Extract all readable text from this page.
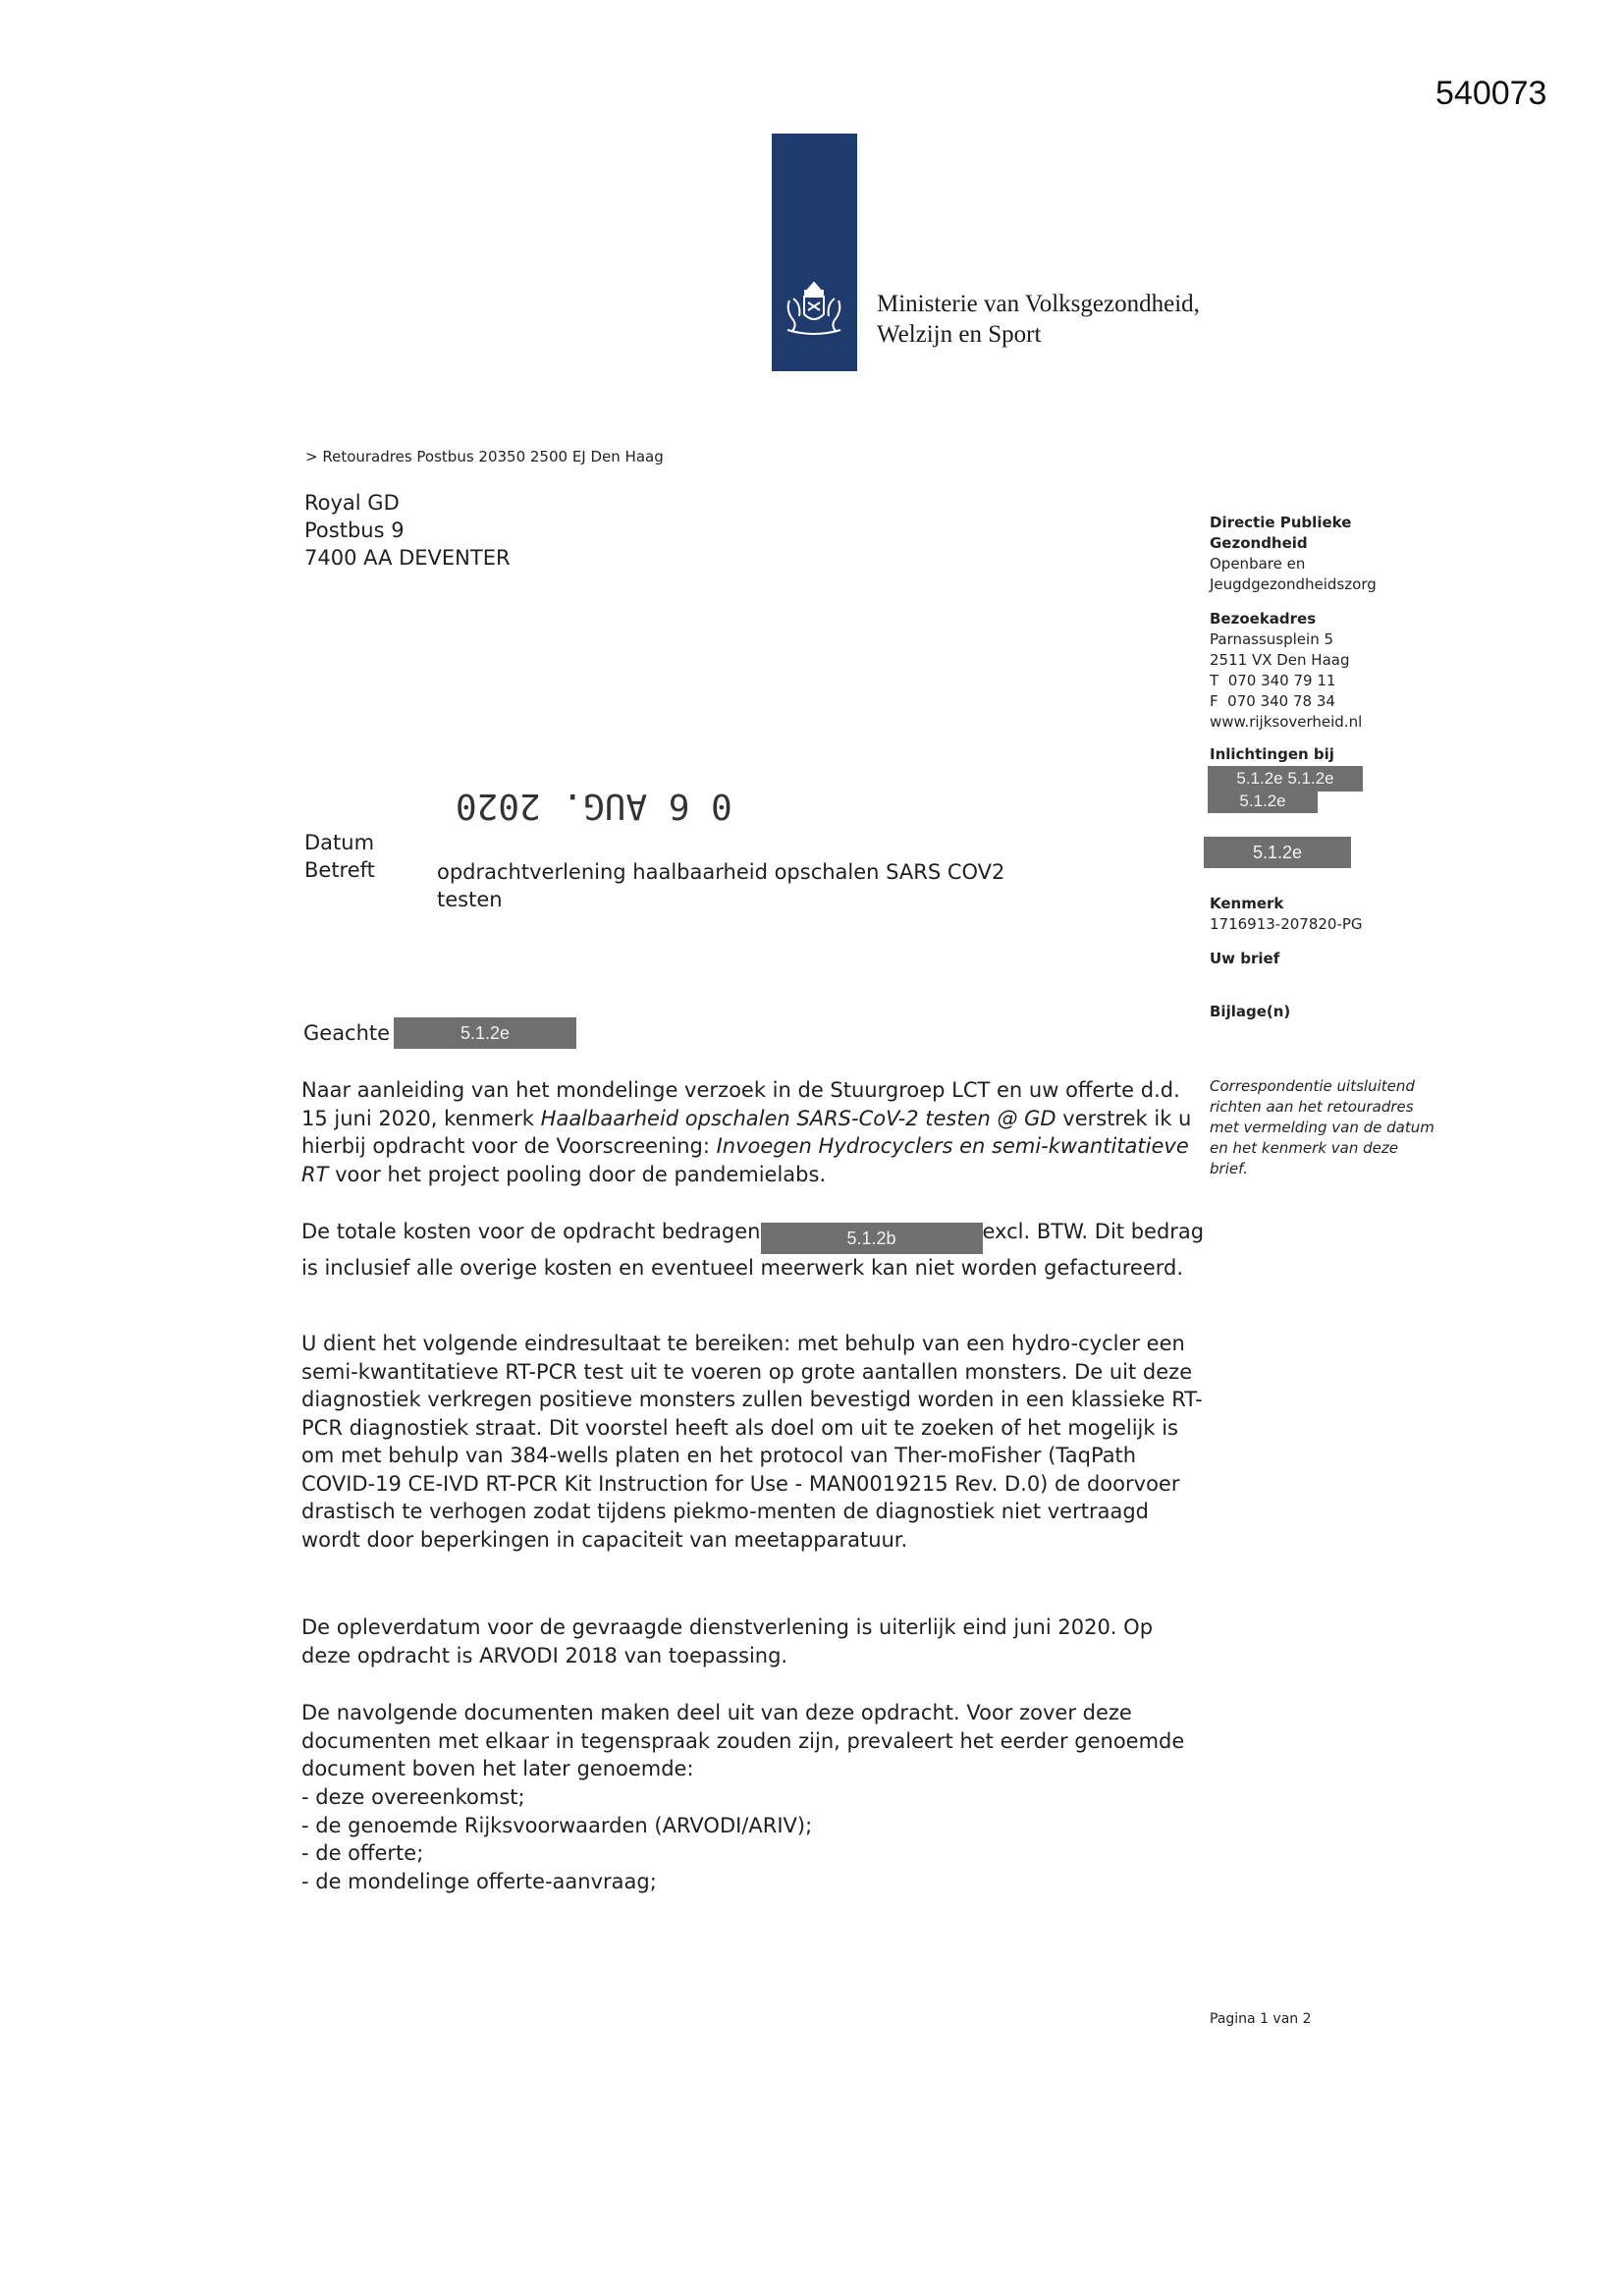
540073
Ministerie van Volksgezondheid,
Welzijn en Sport
> Retouradres Postbus 20350 2500 EJ Den Haag
Royal GD
Postbus 9
7400 AA DEVENTER
Directie Publieke Gezondheid
Openbare en Jeugdgezondheidszorg
Bezoekadres
Parnassusplein 5
2511 VX Den Haag
T  070 340 79 11
F  070 340 78 34
www.rijksoverheid.nl
Inlichtingen bij
5.1.2e 5.1.2e
5.1.2e
5.1.2e
Kenmerk
1716913-207820-PG
Uw brief
Bijlage(n)
Correspondentie uitsluitend richten aan het retouradres met vermelding van de datum en het kenmerk van deze brief.
0 6 AUG. 2020
Datum
Betreft	opdrachtverlening haalbaarheid opschalen SARS COV2 testen
Geachte	5.1.2e
Naar aanleiding van het mondelinge verzoek in de Stuurgroep LCT en uw offerte d.d. 15 juni 2020, kenmerk Haalbaarheid opschalen SARS-CoV-2 testen @ GD verstrek ik u hierbij opdracht voor de Voorscreening: Invoegen Hydrocyclers en semi-kwantitatieve RT voor het project pooling door de pandemielabs.
De totale kosten voor de opdracht bedragen	5.1.2b	excl. BTW. Dit bedrag is inclusief alle overige kosten en eventueel meerwerk kan niet worden gefactureerd.
U dient het volgende eindresultaat te bereiken: met behulp van een hydro-cycler een semi-kwantitatieve RT-PCR test uit te voeren op grote aantallen monsters. De uit deze diagnostiek verkregen positieve monsters zullen bevestigd worden in een klassieke RT-PCR diagnostiek straat. Dit voorstel heeft als doel om uit te zoeken of het mogelijk is om met behulp van 384-wells platen en het protocol van Ther-moFisher (TaqPath COVID-19 CE-IVD RT-PCR Kit Instruction for Use - MAN0019215 Rev. D.0) de doorvoer drastisch te verhogen zodat tijdens piekmo-menten de diagnostiek niet vertraagd wordt door beperkingen in capaciteit van meetapparatuur.
De opleverdatum voor de gevraagde dienstverlening is uiterlijk eind juni 2020. Op deze opdracht is ARVODI 2018 van toepassing.
De navolgende documenten maken deel uit van deze opdracht. Voor zover deze documenten met elkaar in tegenspraak zouden zijn, prevaleert het eerder genoemde document boven het later genoemde:
- deze overeenkomst;
- de genoemde Rijksvoorwaarden (ARVODI/ARIV);
- de offerte;
- de mondelinge offerte-aanvraag;
Pagina 1 van 2
